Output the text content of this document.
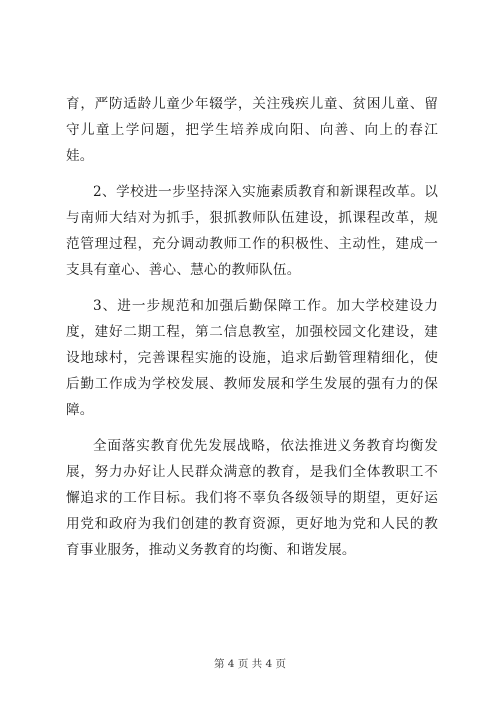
育，严防适龄儿童少年辍学，关注残疾儿童、贫困儿童、留守儿童上学问题，把学生培养成向阳、向善、向上的春江娃。

2、学校进一步坚持深入实施素质教育和新课程改革。以与南师大结对为抓手，狠抓教师队伍建设，抓课程改革，规范管理过程，充分调动教师工作的积极性、主动性，建成一支具有童心、善心、慧心的教师队伍。

3、进一步规范和加强后勤保障工作。加大学校建设力度，建好二期工程，第二信息教室，加强校园文化建设，建设地球村，完善课程实施的设施，追求后勤管理精细化，使后勤工作成为学校发展、教师发展和学生发展的强有力的保障。

全面落实教育优先发展战略，依法推进义务教育均衡发展，努力办好让人民群众满意的教育，是我们全体教职工不懈追求的工作目标。我们将不辜负各级领导的期望，更好运用党和政府为我们创建的教育资源，更好地为党和人民的教育事业服务，推动义务教育的均衡、和谐发展。

第 4 页 共 4 页
